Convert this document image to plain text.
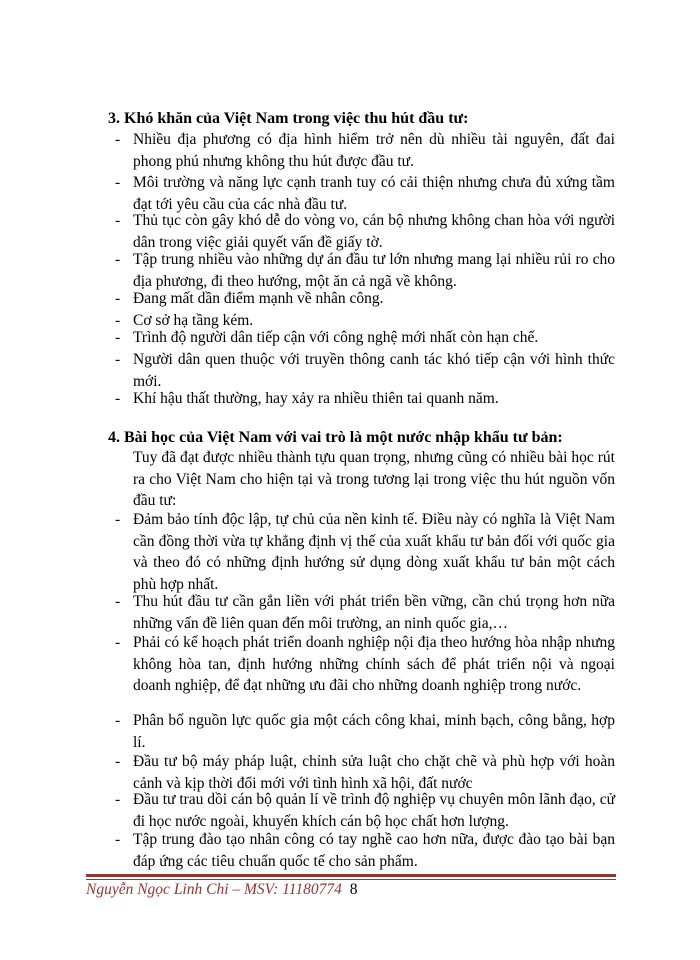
3. Khó khăn của Việt Nam trong việc thu hút đầu tư:
- Nhiều địa phương có địa hình hiểm trở nên dù nhiều tài nguyên, đất đai phong phú nhưng không thu hút được đầu tư.
- Môi trường và năng lực cạnh tranh tuy có cải thiện nhưng chưa đủ xứng tầm đạt tới yêu cầu của các nhà đầu tư.
- Thủ tục còn gây khó dễ do vòng vo, cán bộ nhưng không chan hòa với người dân trong việc giải quyết vấn đề giấy tờ.
- Tập trung nhiều vào những dự án đầu tư lớn nhưng mang lại nhiều rủi ro cho địa phương, đi theo hướng, một ăn cả ngã về không.
- Đang mất dần điểm mạnh về nhân công.
- Cơ sở hạ tầng kém.
- Trình độ người dân tiếp cận với công nghệ mới nhất còn hạn chế.
- Người dân quen thuộc với truyền thông canh tác khó tiếp cận với hình thức mới.
- Khí hậu thất thường, hay xảy ra nhiều thiên tai quanh năm.
4. Bài học của Việt Nam với vai trò là một nước nhập khẩu tư bản:
Tuy đã đạt được nhiều thành tựu quan trọng, nhưng cũng có nhiều bài học rút ra cho Việt Nam cho hiện tại và trong tương lại trong việc thu hút nguồn vốn đầu tư:
- Đảm bảo tính độc lập, tự chủ của nền kinh tế. Điều này có nghĩa là Việt Nam cần đồng thời vừa tự khẳng định vị thế của xuất khẩu tư bản đối với quốc gia và theo đó có những định hướng sử dụng dòng xuất khẩu tư bản một cách phù hợp nhất.
- Thu hút đầu tư cần gắn liền với phát triển bền vững, cần chú trọng hơn nữa những vấn đề liên quan đến môi trường, an ninh quốc gia,…
- Phải có kế hoạch phát triển doanh nghiệp nội địa theo hướng hòa nhập nhưng không hòa tan, định hướng những chính sách để phát triển nội và ngoại doanh nghiệp, để đạt những ưu đãi cho những doanh nghiệp trong nước.
- Phân bố nguồn lực quốc gia một cách công khai, minh bạch, công bằng, hợp lí.
- Đầu tư bộ máy pháp luật, chỉnh sửa luật cho chặt chẽ và phù hợp với hoàn cảnh và kịp thời đổi mới với tình hình xã hội, đất nước
- Đầu tư trau dồi cán bộ quản lí về trình độ nghiệp vụ chuyên môn lãnh đạo, cử đi học nước ngoài, khuyến khích cán bộ học chất hơn lượng.
- Tập trung đào tạo nhân công có tay nghề cao hơn nữa, được đào tạo bài bạn đáp ứng các tiêu chuẩn quốc tế cho sản phẩm.
Nguyễn Ngọc Linh Chi – MSV: 11180774 8
